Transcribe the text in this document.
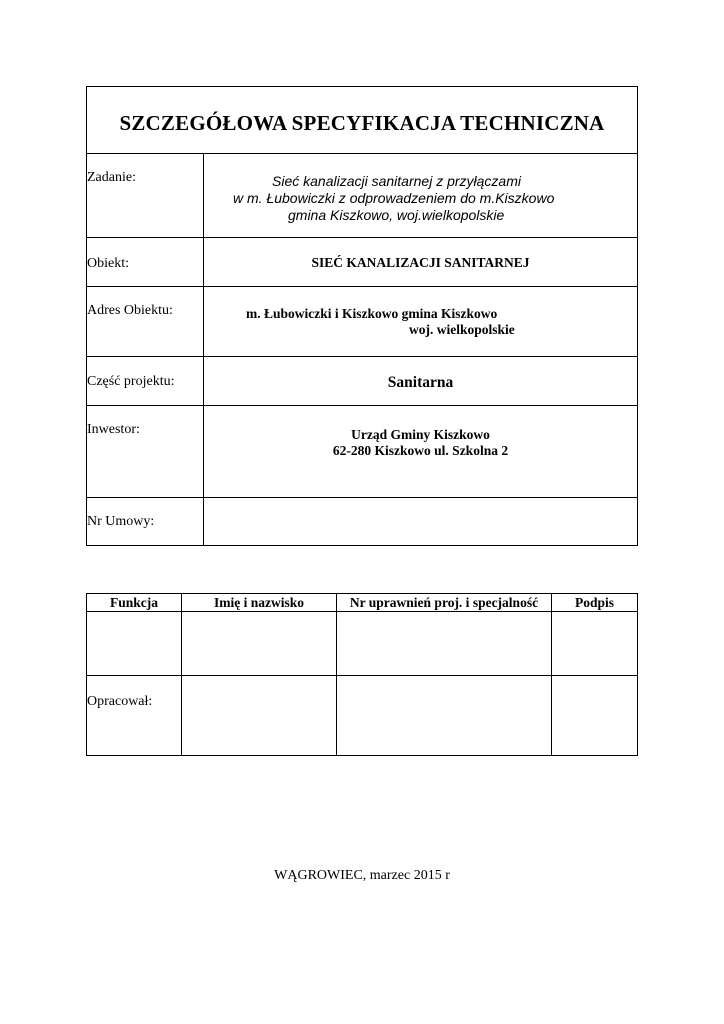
SZCZEGÓŁOWA SPECYFIKACJA TECHNICZNA
Zadanie:	Sieć kanalizacji sanitarnej z przyłączami
w m. Łubowiczki z odprowadzeniem do m.Kiszkowo
gmina Kiszkowo, woj.wielkopolskie
Obiekt:	SIEĆ KANALIZACJI SANITARNEJ
Adres Obiektu:	m. Łubowiczki i Kiszkowo gmina Kiszkowo
woj. wielkopolskie
Część projektu:	Sanitarna
Inwestor:	Urząd Gminy Kiszkowo
62-280 Kiszkowo ul. Szkolna 2
Nr Umowy:
Funkcja	Imię i nazwisko	Nr uprawnień proj. i specjalność	Podpis
Opracował:
WĄGROWIEC, marzec 2015 r
